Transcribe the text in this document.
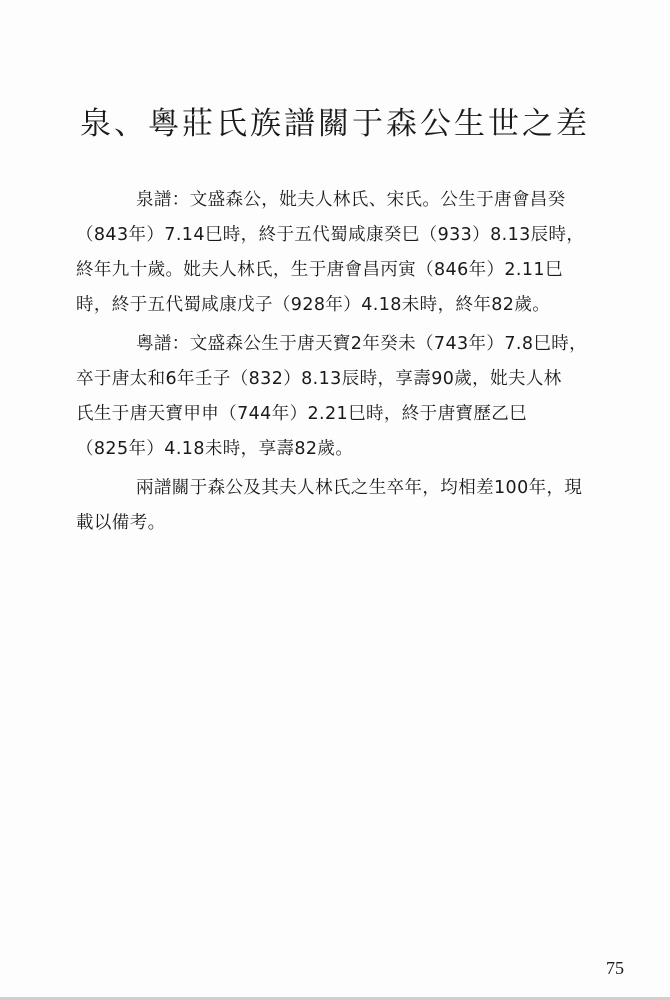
泉、粵莊氏族譜關于森公生世之差

泉譜：文盛森公，妣夫人林氏、宋氏。公生于唐會昌癸
（843年）7.14巳時，終于五代蜀咸康癸巳（933）8.13辰時，
終年九十歲。妣夫人林氏，生于唐會昌丙寅（846年）2.11巳
時，終于五代蜀咸康戊子（928年）4.18未時，終年82歲。

粵譜：文盛森公生于唐天寶2年癸未（743年）7.8巳時，
卒于唐太和6年壬子（832）8.13辰時，享壽90歲，妣夫人林
氏生于唐天寶甲申（744年）2.21巳時，終于唐寶歷乙巳
（825年）4.18未時，享壽82歲。

兩譜關于森公及其夫人林氏之生卒年，均相差100年，現
載以備考。

75
